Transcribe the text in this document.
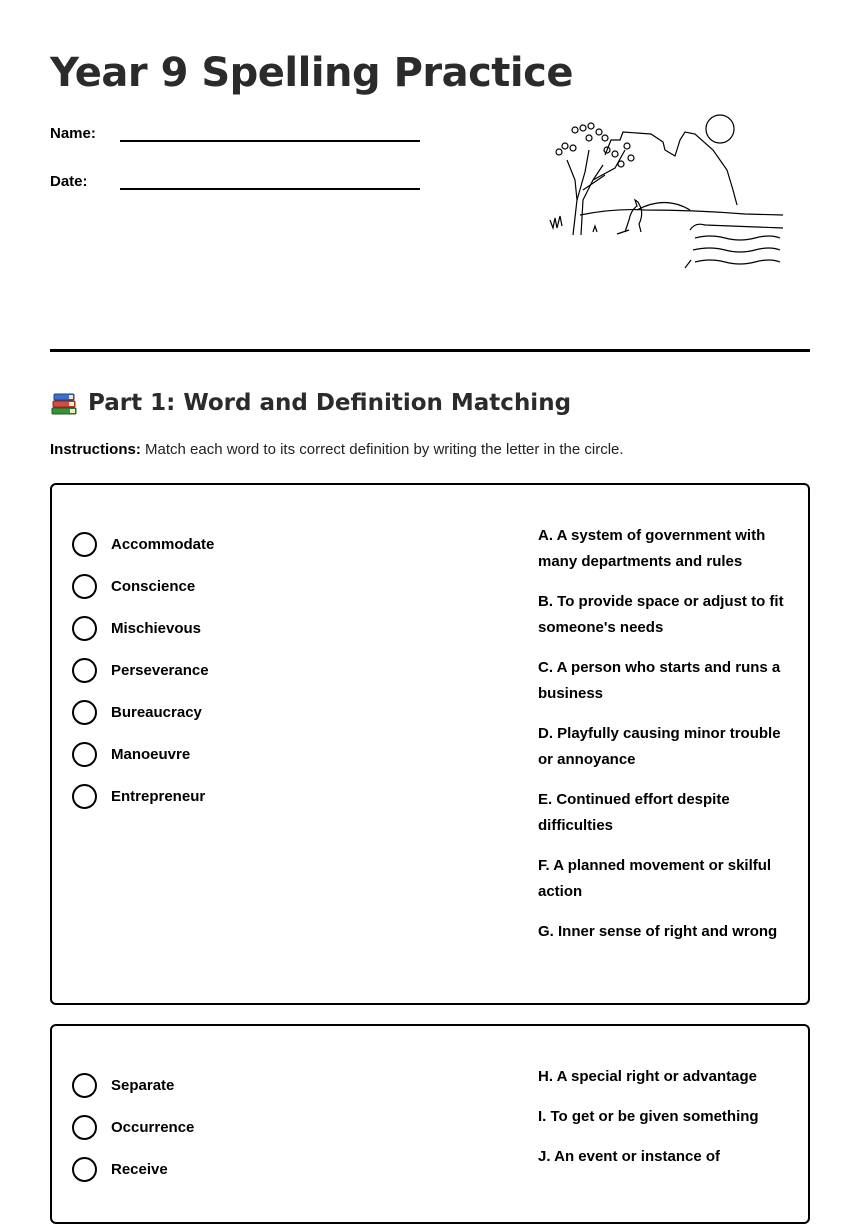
Year 9 Spelling Practice
Name:
Date:
Part 1: Word and Definition Matching

Instructions: Match each word to its correct definition by writing the letter in the circle.

Accommodate
Conscience
Mischievous
Perseverance
Bureaucracy
Manoeuvre
Entrepreneur

A. A system of government with many departments and rules

B. To provide space or adjust to fit someone's needs

C. A person who starts and runs a business

D. Playfully causing minor trouble or annoyance

E. Continued effort despite difficulties

F. A planned movement or skilful action

G. Inner sense of right and wrong

Separate
Occurrence
Receive

H. A special right or advantage

I. To get or be given something

J. An event or instance of
